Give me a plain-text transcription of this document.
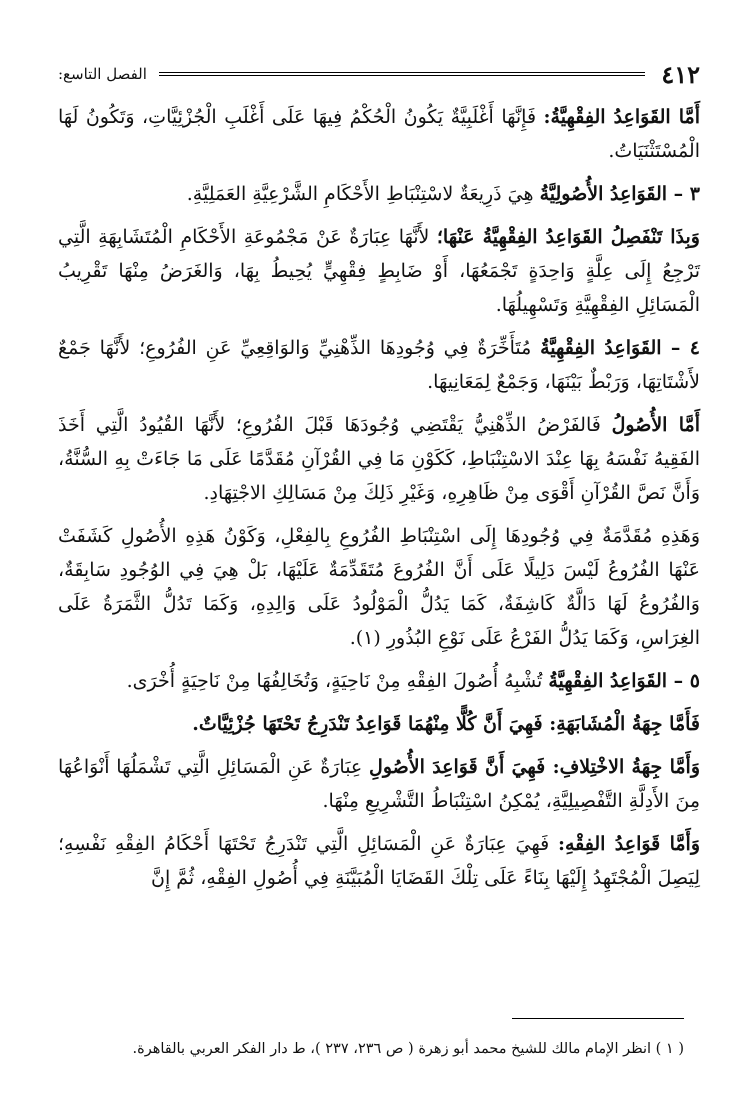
٤١٢
الفصل التاسع:

أَمَّا القَوَاعِدُ الفِقْهِيَّةُ: فَإِنَّهَا أَغْلَبِيَّةٌ يَكُونُ الْحُكْمُ فِيهَا عَلَى أَغْلَبِ الْجُزْئِيَّاتِ، وَتَكُونُ لَهَا الْمُسْتَثْنَيَاتُ.

٣ – القَوَاعِدُ الأُصُولِيَّةُ هِيَ ذَرِيعَةٌ لاسْتِنْبَاطِ الأَحْكَامِ الشَّرْعِيَّةِ العَمَلِيَّةِ.

وَبِذَا تَنْفَصِلُ القَوَاعِدُ الفِقْهِيَّةُ عَنْهَا؛ لأَنَّهَا عِبَارَةٌ عَنْ مَجْمُوعَةِ الأَحْكَامِ الْمُتَشَابِهَةِ الَّتِي تَرْجِعُ إِلَى عِلَّةٍ وَاحِدَةٍ تَجْمَعُهَا، أَوْ ضَابِطٍ فِقْهِيٍّ يُحِيطُ بِهَا، وَالغَرَضُ مِنْهَا تَقْرِيبُ الْمَسَائِلِ الفِقْهِيَّةِ وَتَسْهِيلُهَا.

٤ – القَوَاعِدُ الفِقْهِيَّةُ مُتَأَخِّرَةٌ فِي وُجُودِهَا الذِّهْنِيِّ وَالوَاقِعِيِّ عَنِ الفُرُوعِ؛ لأَنَّهَا جَمْعٌ لأَشْتَاتِهَا، وَرَبْطٌ بَيْنَهَا، وَجَمْعٌ لِمَعَانِيهَا.

أَمَّا الأُصُولُ فَالفَرْضُ الذِّهْنِيُّ يَقْتَضِي وُجُودَهَا قَبْلَ الفُرُوعِ؛ لأَنَّهَا القُيُودُ الَّتِي أَخَذَ الفَقِيهُ نَفْسَهُ بِهَا عِنْدَ الاسْتِنْبَاطِ، كَكَوْنِ مَا فِي القُرْآنِ مُقَدَّمًا عَلَى مَا جَاءَتْ بِهِ السُّنَّةُ، وَأَنَّ نَصَّ القُرْآنِ أَقْوَى مِنْ ظَاهِرِهِ، وَغَيْرِ ذَلِكَ مِنْ مَسَالِكِ الاجْتِهَادِ.

وَهَذِهِ مُقَدَّمَةٌ فِي وُجُودِهَا إِلَى اسْتِنْبَاطِ الفُرُوعِ بِالفِعْلِ، وَكَوْنُ هَذِهِ الأُصُولِ كَشَفَتْ عَنْهَا الفُرُوعُ لَيْسَ دَلِيلًا عَلَى أَنَّ الفُرُوعَ مُتَقَدِّمَةٌ عَلَيْهَا، بَلْ هِيَ فِي الوُجُودِ سَابِقَةٌ، وَالفُرُوعُ لَهَا دَالَّةٌ كَاشِفَةٌ، كَمَا يَدُلُّ الْمَوْلُودُ عَلَى وَالِدِهِ، وَكَمَا تَدُلُّ الثَّمَرَةُ عَلَى الغِرَاسِ، وَكَمَا يَدُلُّ الفَرْعُ عَلَى نَوْعِ البُذُورِ (١).

٥ – القَوَاعِدُ الفِقْهِيَّةُ تُشْبِهُ أُصُولَ الفِقْهِ مِنْ نَاحِيَةٍ، وَتُخَالِفُهَا مِنْ نَاحِيَةٍ أُخْرَى.

فَأَمَّا جِهَةُ الْمُشَابَهَةِ: فَهِيَ أَنَّ كُلًّا مِنْهُمَا قَوَاعِدُ تَنْدَرِجُ تَحْتَهَا جُزْئِيَّاتٌ.

وَأَمَّا جِهَةُ الاخْتِلافِ: فَهِيَ أَنَّ قَوَاعِدَ الأُصُولِ عِبَارَةٌ عَنِ الْمَسَائِلِ الَّتِي تَشْمَلُهَا أَنْوَاعُهَا مِنَ الأَدِلَّةِ التَّفْصِيلِيَّةِ، يُمْكِنُ اسْتِنْبَاطُ التَّشْرِيعِ مِنْهَا.

وَأَمَّا قَوَاعِدُ الفِقْهِ: فَهِيَ عِبَارَةٌ عَنِ الْمَسَائِلِ الَّتِي تَنْدَرِجُ تَحْتَهَا أَحْكَامُ الفِقْهِ نَفْسِهِ؛ لِيَصِلَ الْمُجْتَهِدُ إِلَيْهَا بِنَاءً عَلَى تِلْكَ القَضَايَا الْمُبَيَّنَةِ فِي أُصُولِ الفِقْهِ، ثُمَّ إِنَّ

( ١ ) انظر الإمام مالك للشيخ محمد أبو زهرة ( ص ٢٣٦، ٢٣٧ )، ط دار الفكر العربي بالقاهرة.
